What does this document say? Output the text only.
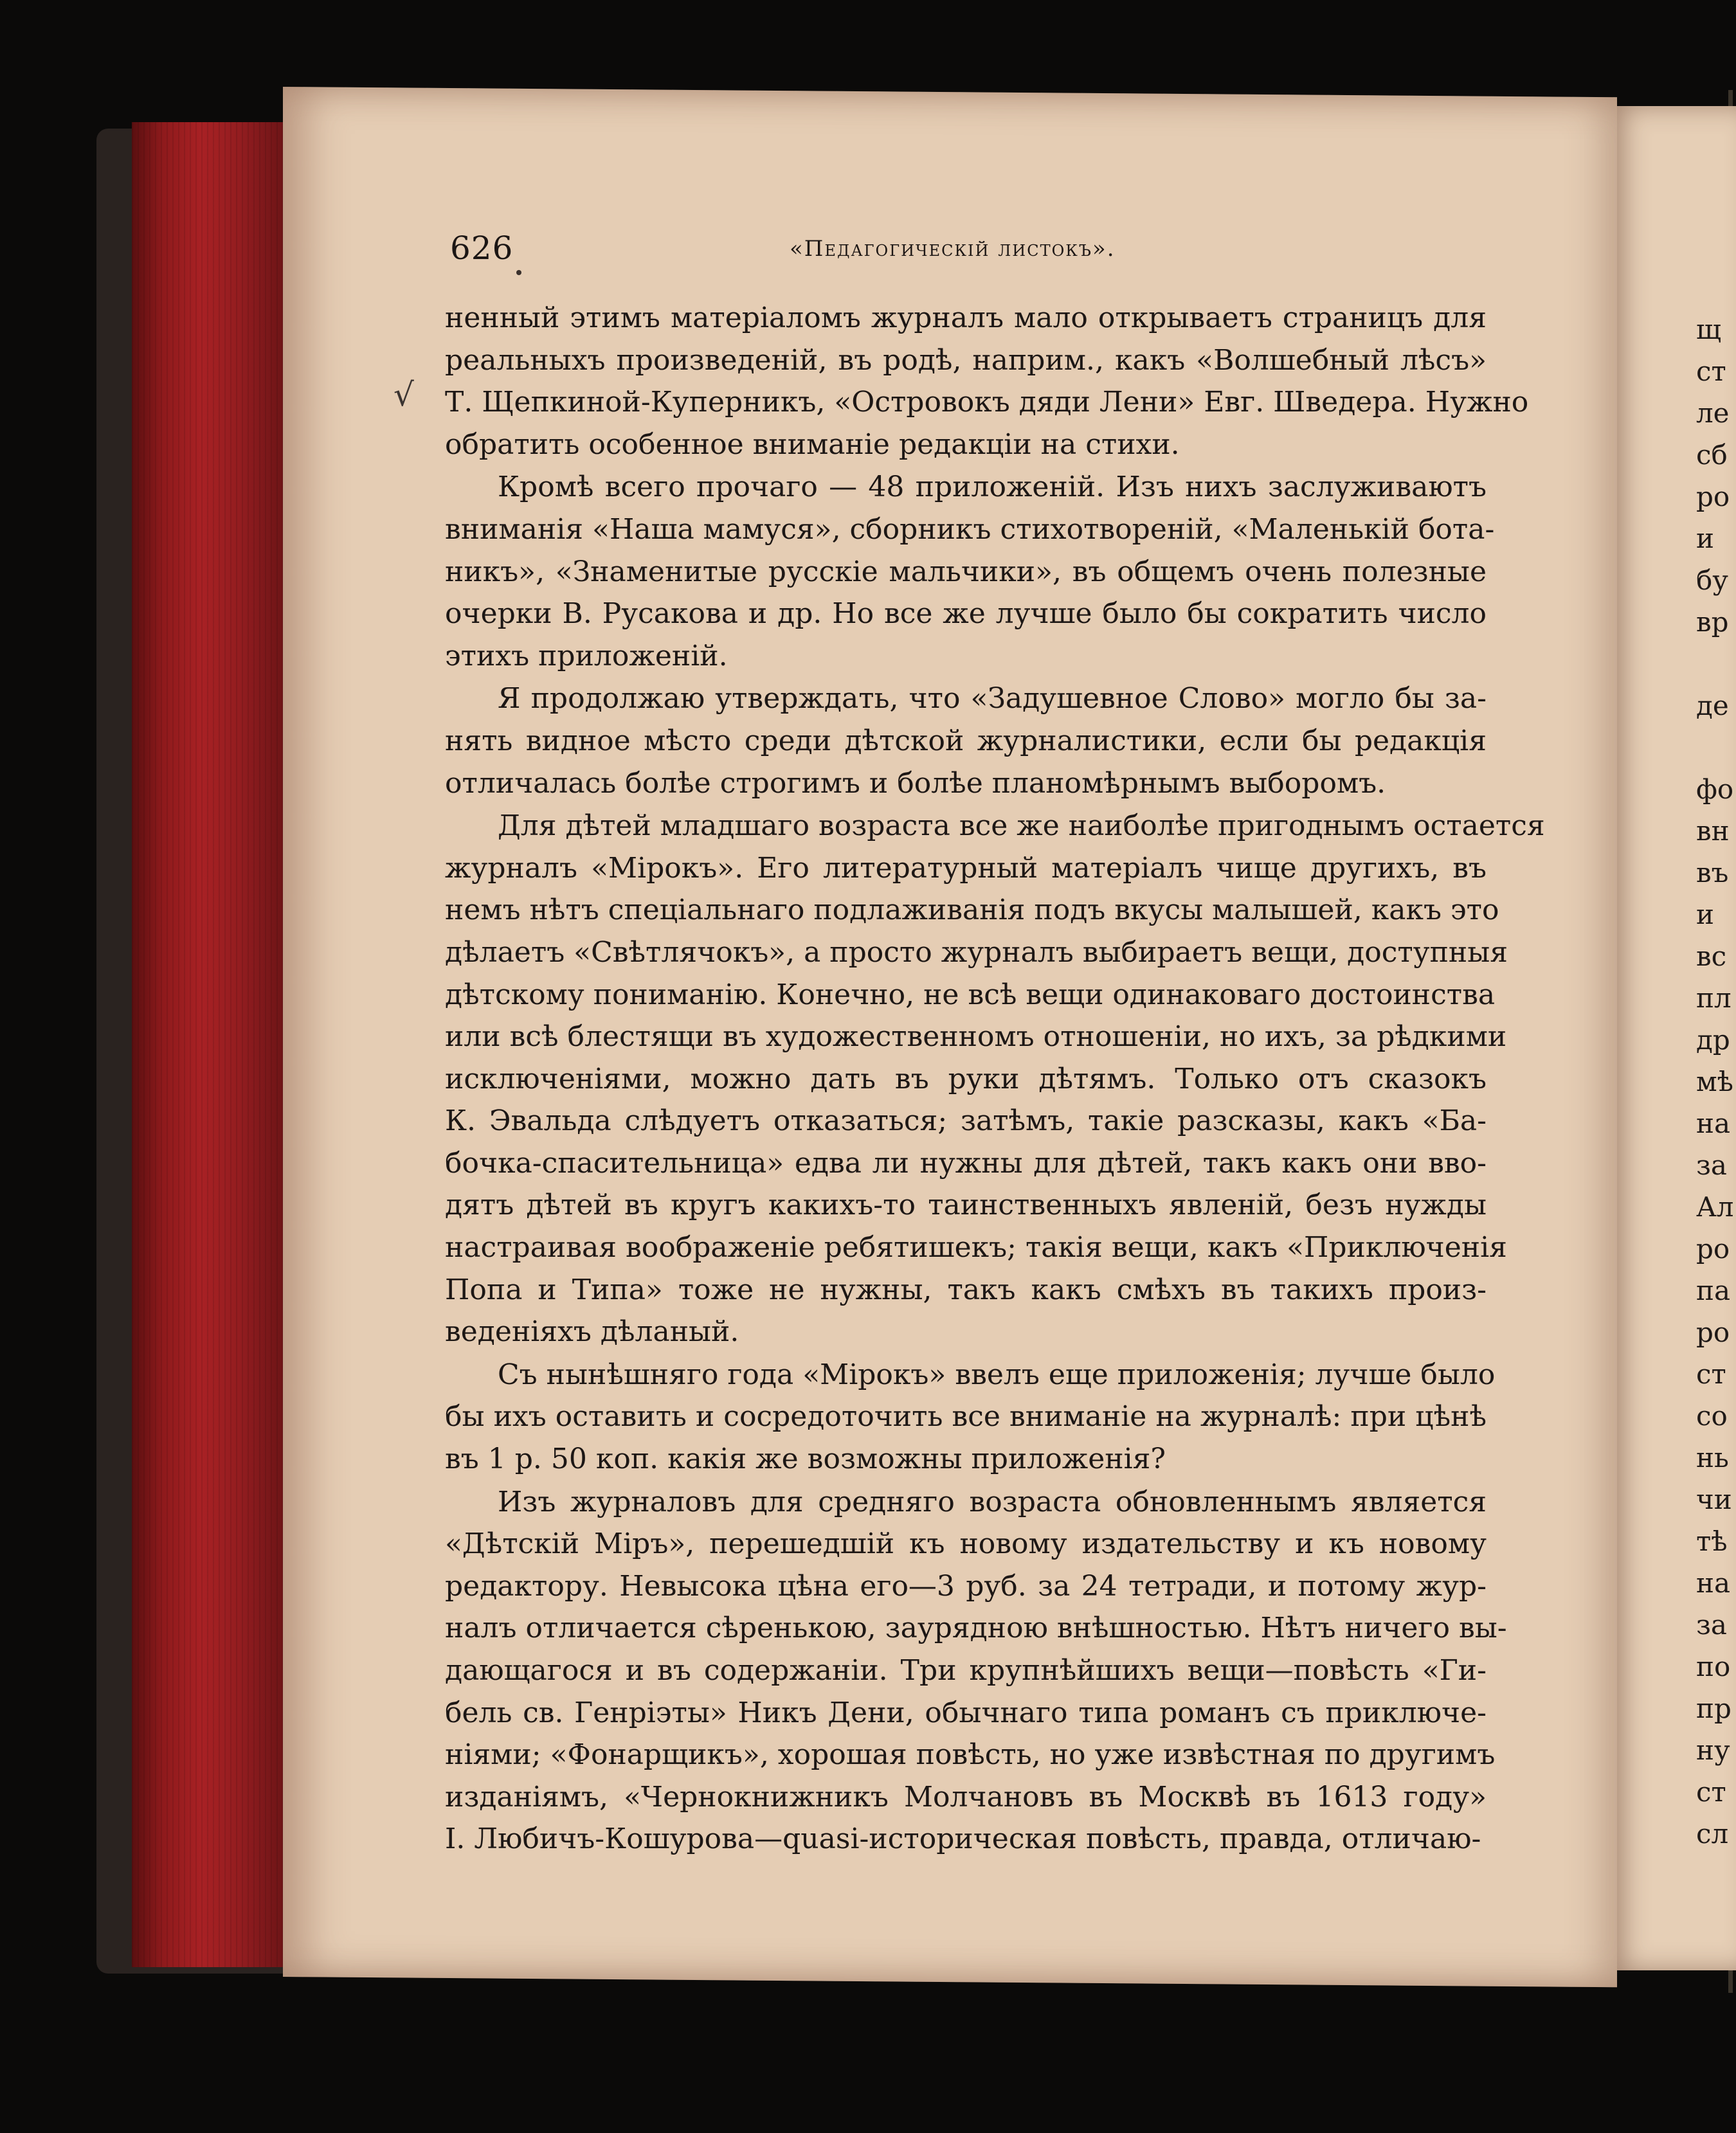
щ
ст
ле
сб
ро
и
бу
вр
де
фо
вн
въ
и
вс
пл
др
мѣ
на
за
Ал
ро
па
ро
ст
со
нь
чи
тѣ
на
за
по
пр
ну
ст
сл
626	«Педагогическій листокъ».
√
ненный этимъ матеріаломъ журналъ мало открываетъ страницъ для
реальныхъ произведеній, въ родѣ, наприм., какъ «Волшебный лѣсъ»
Т. Щепкиной-Куперникъ, «Островокъ дяди Лени» Евг. Шведера. Нужно
обратить особенное вниманіе редакціи на стихи.
Кромѣ всего прочаго — 48 приложеній. Изъ нихъ заслуживаютъ
вниманія «Наша мамуся», сборникъ стихотвореній, «Маленькій бота-
никъ», «Знаменитые русскіе мальчики», въ общемъ очень полезные
очерки В. Русакова и др. Но все же лучше было бы сократить число
этихъ приложеній.
Я продолжаю утверждать, что «Задушевное Слово» могло бы за-
нять видное мѣсто среди дѣтской журналистики, если бы редакція
отличалась болѣе строгимъ и болѣе планомѣрнымъ выборомъ.
Для дѣтей младшаго возраста все же наиболѣе пригоднымъ остается
журналъ «Мірокъ». Его литературный матеріалъ чище другихъ, въ
немъ нѣтъ спеціальнаго подлаживанія подъ вкусы малышей, какъ это
дѣлаетъ «Свѣтлячокъ», а просто журналъ выбираетъ вещи, доступныя
дѣтскому пониманію. Конечно, не всѣ вещи одинаковаго достоинства
или всѣ блестящи въ художественномъ отношеніи, но ихъ, за рѣдкими
исключеніями, можно дать въ руки дѣтямъ. Только отъ сказокъ
К. Эвальда слѣдуетъ отказаться; затѣмъ, такіе разсказы, какъ «Ба-
бочка-спасительница» едва ли нужны для дѣтей, такъ какъ они вво-
дятъ дѣтей въ кругъ какихъ-то таинственныхъ явленій, безъ нужды
настраивая воображеніе ребятишекъ; такія вещи, какъ «Приключенія
Попа и Типа» тоже не нужны, такъ какъ смѣхъ въ такихъ произ-
веденіяхъ дѣланый.
Съ нынѣшняго года «Мірокъ» ввелъ еще приложенія; лучше было
бы ихъ оставить и сосредоточить все вниманіе на журналѣ: при цѣнѣ
въ 1 р. 50 коп. какія же возможны приложенія?
Изъ журналовъ для средняго возраста обновленнымъ является
«Дѣтскій Міръ», перешедшій къ новому издательству и къ новому
редактору. Невысока цѣна его—3 руб. за 24 тетради, и потому жур-
налъ отличается сѣренькою, заурядною внѣшностью. Нѣтъ ничего вы-
дающагося и въ содержаніи. Три крупнѣйшихъ вещи—повѣсть «Ги-
бель св. Генріэты» Никъ Дени, обычнаго типа романъ съ приключе-
ніями; «Фонарщикъ», хорошая повѣсть, но уже извѣстная по другимъ
изданіямъ, «Чернокнижникъ Молчановъ въ Москвѣ въ 1613 году»
I. Любичъ-Кошурова—quasi-историческая повѣсть, правда, отличаю-
